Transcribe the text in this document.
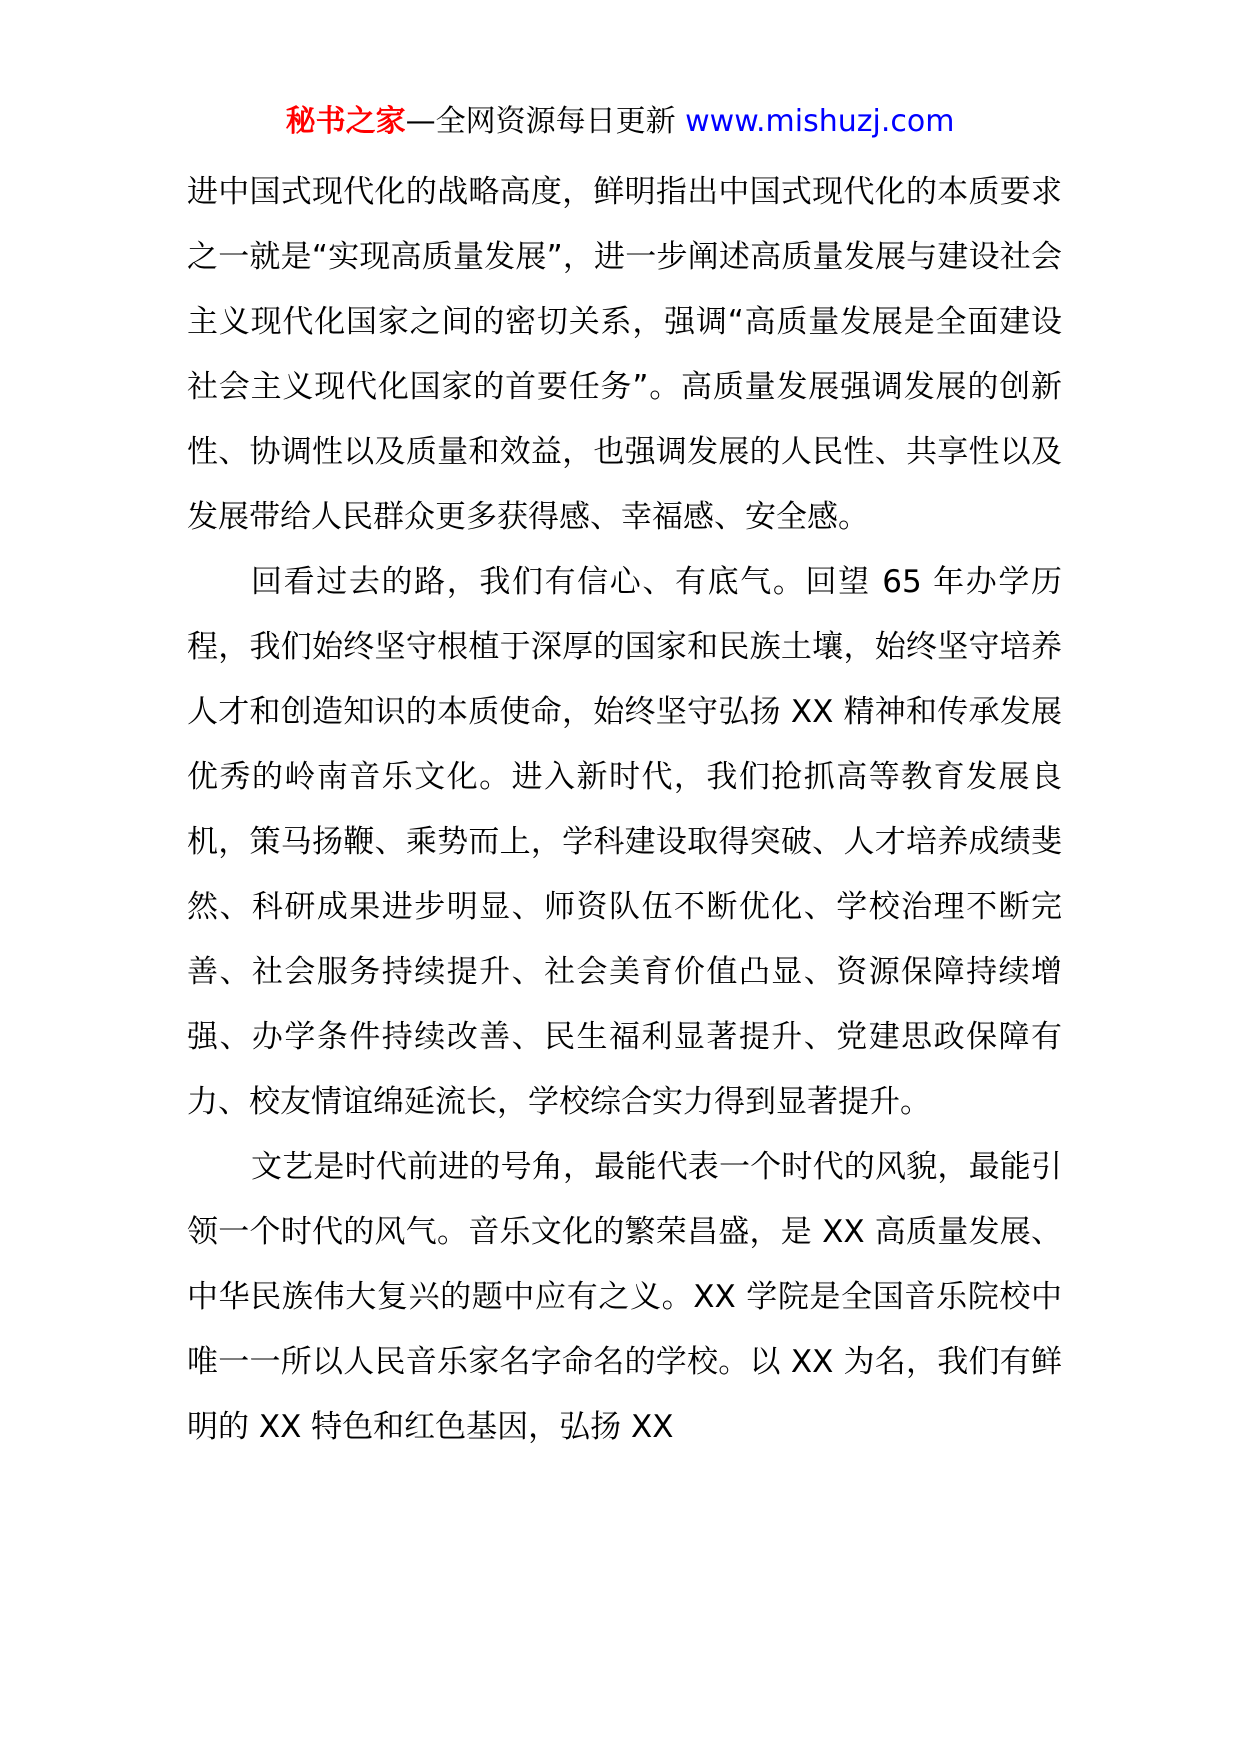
秘书之家—全网资源每日更新 www.mishuzj.com

进中国式现代化的战略高度，鲜明指出中国式现代化的本质要求之一就是“实现高质量发展”，进一步阐述高质量发展与建设社会主义现代化国家之间的密切关系，强调“高质量发展是全面建设社会主义现代化国家的首要任务”。高质量发展强调发展的创新性、协调性以及质量和效益，也强调发展的人民性、共享性以及发展带给人民群众更多获得感、幸福感、安全感。

回看过去的路，我们有信心、有底气。回望 65 年办学历程，我们始终坚守根植于深厚的国家和民族土壤，始终坚守培养人才和创造知识的本质使命，始终坚守弘扬 XX 精神和传承发展优秀的岭南音乐文化。进入新时代，我们抢抓高等教育发展良机，策马扬鞭、乘势而上，学科建设取得突破、人才培养成绩斐然、科研成果进步明显、师资队伍不断优化、学校治理不断完善、社会服务持续提升、社会美育价值凸显、资源保障持续增强、办学条件持续改善、民生福利显著提升、党建思政保障有力、校友情谊绵延流长，学校综合实力得到显著提升。

文艺是时代前进的号角，最能代表一个时代的风貌，最能引领一个时代的风气。音乐文化的繁荣昌盛，是 XX 高质量发展、中华民族伟大复兴的题中应有之义。XX 学院是全国音乐院校中唯一一所以人民音乐家名字命名的学校。以 XX 为名，我们有鲜明的 XX 特色和红色基因，弘扬 XX
